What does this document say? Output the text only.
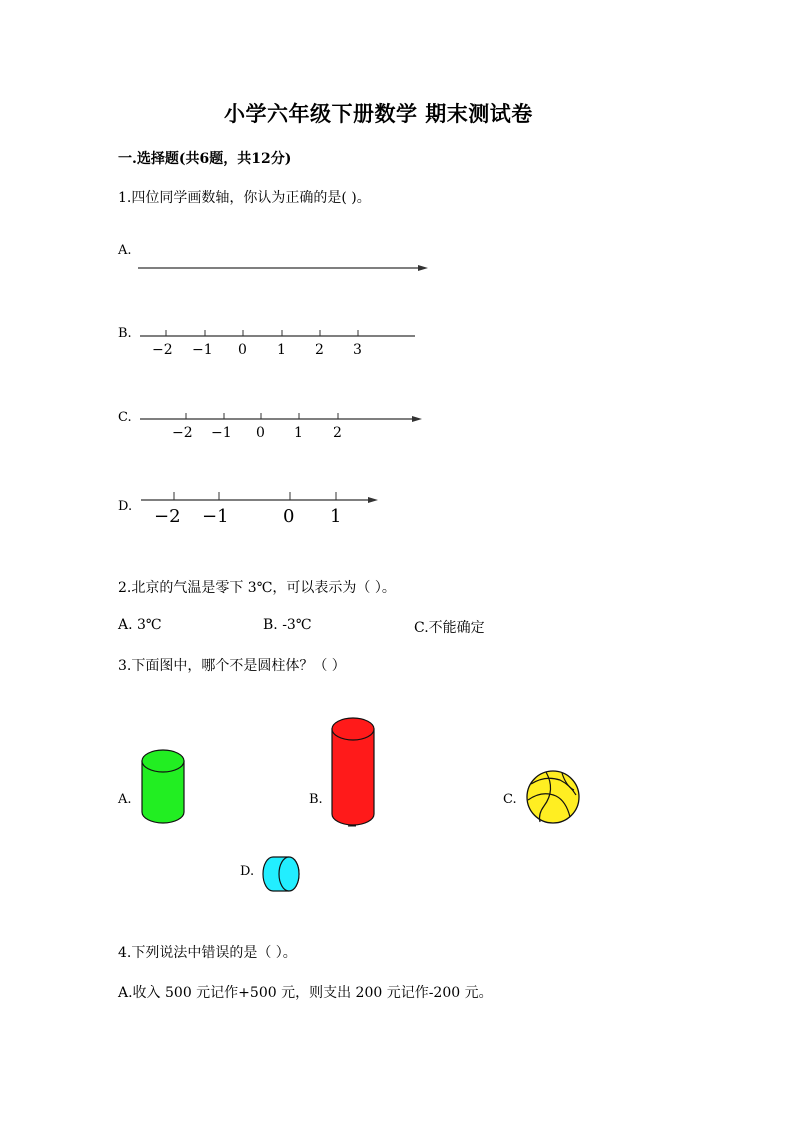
小学六年级下册数学 期末测试卷
一.选择题(共6题，共12分)
1.四位同学画数轴，你认为正确的是( )。
A.
B.
−2 −1 0 1 2 3
C.
−2 −1 0 1 2
D. −2 −1	0 1
2.北京的气温是零下 3℃，可以表示为（ ）。
A. 3℃	B. -3℃	C.不能确定
3.下面图中，哪个不是圆柱体？（ ）
A.	B.	C.
D.
4.下列说法中错误的是（ ）。
A.收入 500 元记作+500 元，则支出 200 元记作-200 元。
